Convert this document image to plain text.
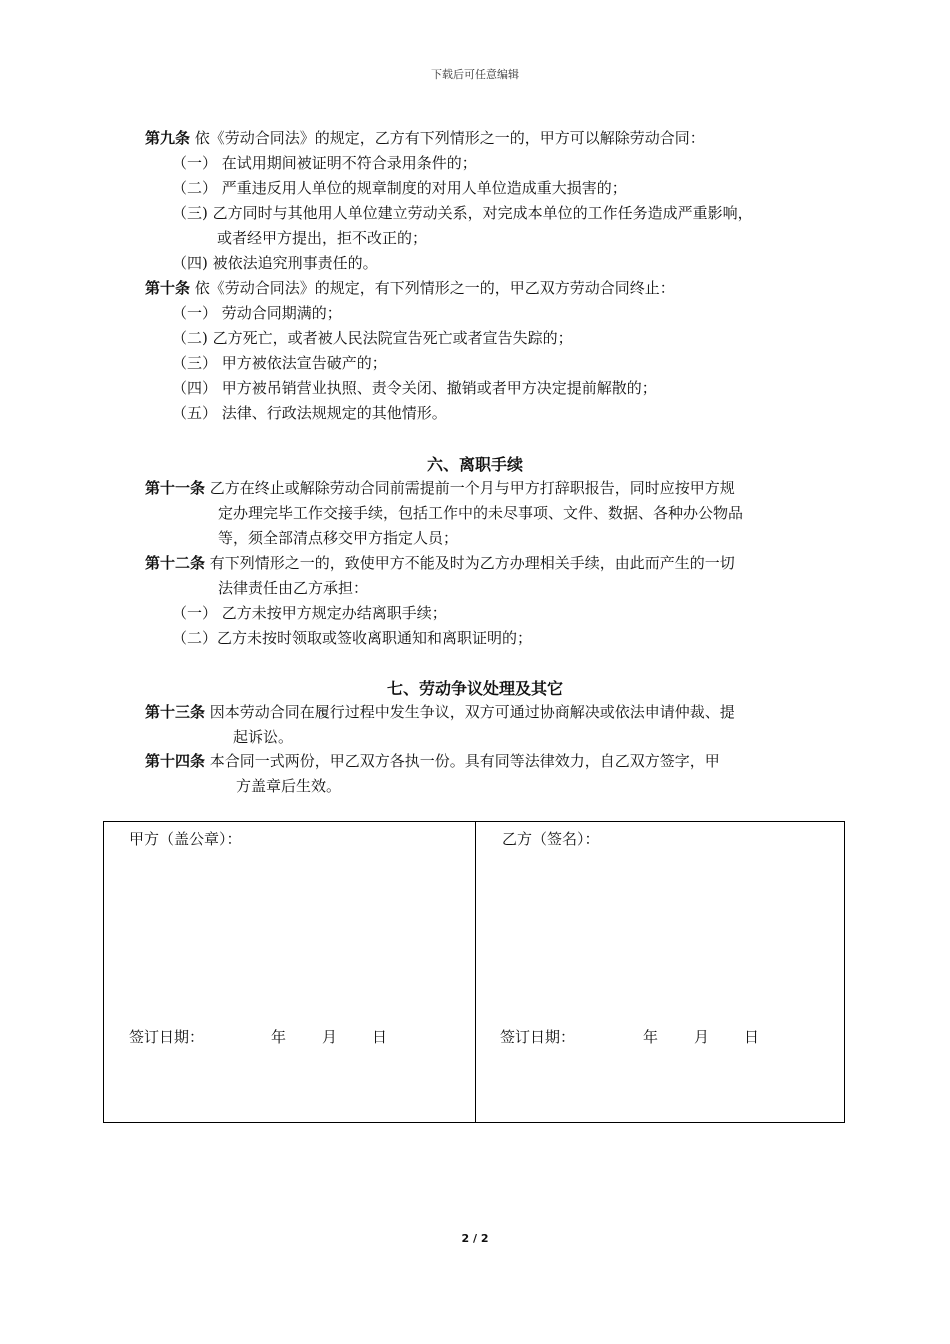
下载后可任意编辑
第九条 依《劳动合同法》的规定，乙方有下列情形之一的，甲方可以解除劳动合同：
（一） 在试用期间被证明不符合录用条件的；
（二） 严重违反用人单位的规章制度的对用人单位造成重大损害的；
（三) 乙方同时与其他用人单位建立劳动关系，对完成本单位的工作任务造成严重影响，
或者经甲方提出，拒不改正的；
（四) 被依法追究刑事责任的。
第十条 依《劳动合同法》的规定，有下列情形之一的，甲乙双方劳动合同终止：
（一） 劳动合同期满的；
（二) 乙方死亡，或者被人民法院宣告死亡或者宣告失踪的；
（三） 甲方被依法宣告破产的；
（四） 甲方被吊销营业执照、责令关闭、撤销或者甲方决定提前解散的；
（五） 法律、行政法规规定的其他情形。
六、离职手续
第十一条 乙方在终止或解除劳动合同前需提前一个月与甲方打辞职报告，同时应按甲方规
定办理完毕工作交接手续，包括工作中的未尽事项、文件、数据、各种办公物品
等，须全部清点移交甲方指定人员；
第十二条 有下列情形之一的，致使甲方不能及时为乙方办理相关手续，由此而产生的一切
法律责任由乙方承担：
（一） 乙方未按甲方规定办结离职手续；
（二）乙方未按时领取或签收离职通知和离职证明的；
七、劳动争议处理及其它
第十三条 因本劳动合同在履行过程中发生争议，双方可通过协商解决或依法申请仲裁、提
起诉讼。
第十四条 本合同一式两份，甲乙双方各执一份。具有同等法律效力，自乙双方签字，甲
方盖章后生效。
甲方（盖公章）：
签订日期：	年 月 日
乙方（签名）：
签订日期：	年 月 日
2 / 2
